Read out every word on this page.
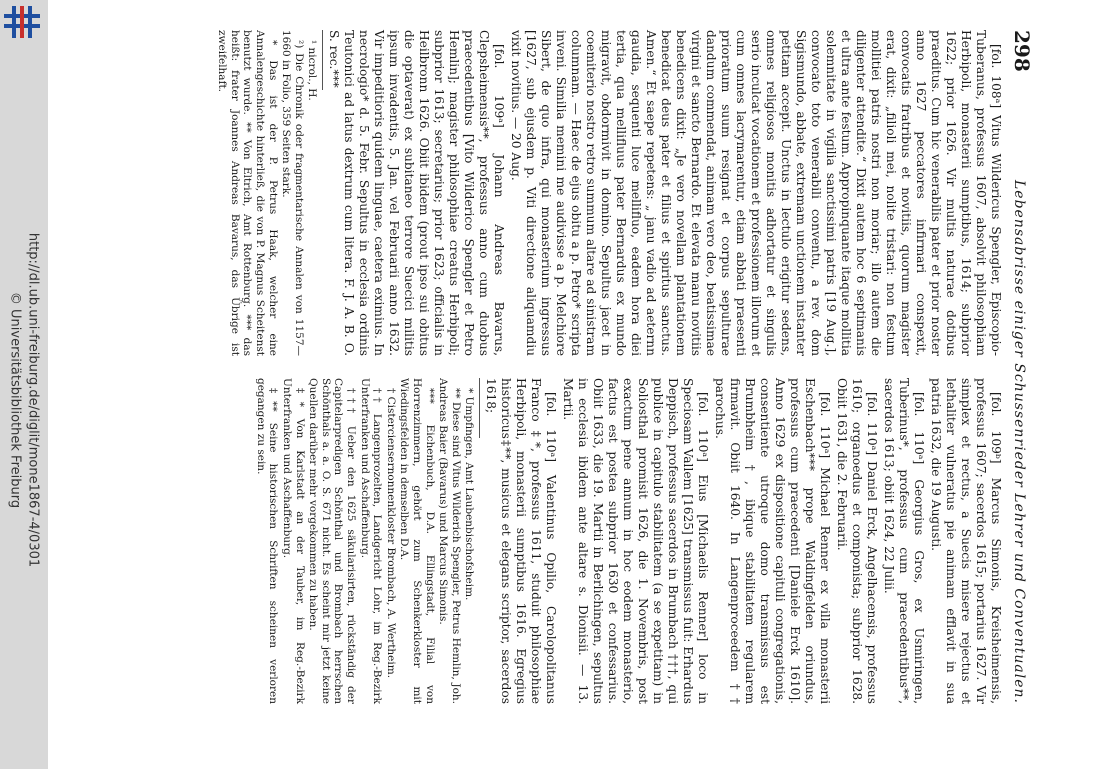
http://dl.ub.uni-freiburg.de/diglit/mone1867-4/0301
© Universitätsbibliothek Freiburg
298
Lebensabrisse einiger Schussenrieder Lehrer und Conventualen.

[fol. 108ᵃ] Vitus Wildericus Spengler, Episcopio-Tuberanus, professus 1607, absolvit philosophiam Herbipoli, monasterii sumptibus, 1614; subprior 1622; prior 1626. Vir multis naturae dotibus praeditus. Cum hic venerabilis pater et prior noster anno 1627 peccatores infirmari conspexit, convocatis fratribus et novitiis, quorum magister erat, dixit: „filioli mei, nolite tristari: non festum mollitiei patris nostri non moriar; illo autem die diligenter attendite.“ Dixit autem hoc 6 septimanis et ultra ante festum. Appropinquante itaque mollitia solemnitate in vigilia sanctissimi patris [19 Aug.], convocato toto venerabili conventu, a rev. dom Sigismundo, abbate, extremam unctionem instanter petitam accepit. Unctus in lectulo erigitur sedens, omnes religiosos monitis adhortatur et singulis serio inculcat vocationem et professionem illorum et cum omnes lacrymarentur, etiam abbati praesenti prioratum suum resignat et corpus sepulturae dandum commendat, animam vero deo, beatissimae virgini et sancto Bernardo. Et elevata manu novitiis benedicens dixit: „Je vero novellam plantationem benedicat deus pater et filius et spiritus sanctus. Amen.“ Et saepe repetens: „ janu vadio ad aeternn gaudia, sequenti luce mellifluo, eadem hora diei tertia, qua mellifluus pater Bernardus ex mundo migravit, obdormivit in domino. Sepultus jacet in coemiterio nostro retro summum altare ad sinistram columnam. — Haec de ejus obitu a p. Petro* scripta inveni. Similia memini me audivisse a p. Melchiore Sibert, de quo infra, qui monasterium ingressus [1627, sub ejusdem p. Viti directione aliquamdiu vixit novitius. — 20 Aug.

[fol. 109ᵃ] Johann Andreas Bavarus, Clepsheimensis**, professus anno cum duobus praecedentibus [Vito Wilderico Spengler et Petro Hemlin]; magister philosophiae creatus Herbipoli; subprior 1613; secretarius; prior 1623; officialis in Heilbronn 1626. Obiit ibidem (prout ipso sui obitus die optaverat) ex subitaneo terrore Suecici militis ipsum invadentis, 5. Jan. vel Februarii anno 1632. Vir impeditioris quidem linguae, caetera eximius. In necrologio* d. 5. Febr. Sepultus in ecclesia ordinis Teutonici ad latus dextrum cum litera. F. J. A. B. O. S. rec.***

¹ nicrol., H.

²) Die Chronik oder fragmentarische Annalen von 1157—1660 in Folio, 359 Seiten stark.

* Das ist der P. Petrus Haak, welcher eine Annalengeschichte hinterließ, die von P. Magnus Scheitenst benutzt wurde. ** Von Eltrich, Amt Rottenburg. *** das heißt: frater Joannes Andreas Bavarus, das Übrige ist zweifelhaft.

[fol. 109ᵇ] Marcus Simonis, Kreisheimensis, professus 1607; sacerdos 1615; portarius 1627. Vir simplex et rectus, a Suecis misere rejectus et lethaliter vulneratus pie animam efflavit in sua patria 1632, die 19 Augusti.

[fol. 110ᵃ] Georgius Gros, ex Usmiringen, Tuberinus*, professus cum praecedentibus**, sacerdos 1613; obiit 1624, 22 Julii.

[fol. 110ᵃ] Daniel Erck, Angelhacensis, professus 1610; organoedus et componista; subprior 1628. Obiit 1631, die 2. Februarii.

[fol. 110ᵃ] Michael Renner ex villa monasterii Eschenbach*** prope Waldingfelden oriundus, professus cum praecedenti [Daniele Erck 1610]. Anno 1629 ex dispositione capituli congregationis, consentiente utroque domo transmissus est Brumbheim †, ibique stabilitatem regularem firmavit. Obiit 1640. In Langenproceedem †† parochus.

[fol. 110ᵃ] Eius [Michaelis Renner] loco in Speciosam Vallem [1625] transmissus fuit: Erhardus Deppisch, professus sacerdos in Brumbach †††, qui publice in capitulo stabilitatem (a se expetitam) in Soliosthal promisit 1626, die 1. Novembris, post exactum pene annum in hoc eodem monasterio, factus est postea subprior 1630 et confessarius. Obiit 1633, die 19. Martii in Berlichingen, sepultus in ecclesia ibidem ante altare s. Dionisii. — 13. Martii.

[fol. 110ᵃ] Valentinus Opilio, Carolopolitanus Franco ‡*, professus 1611, studuit philosophiae Herbipoli, monasterii sumptibus 1616. Egregius historicus‡**, musicus et elegans scriptor, sacerdos 1618;

* Umpfingen, Amt Laubenbischofsheim.

** Diese sind Vitus Wilderich Spengler, Petrus Hemlin, Joh. Andreas Baier (Bavarus) und Marcus Simonis.

*** Eichenbuch, D.A. Ellingstadt, Filial von Horrenzimmern, gehört zum Schenkerkloster mit Wiedingsfelden in demselben D.A.

† Cisterciensernonnenkloster Brombach, A. Wertheim.

†† Langenprozelten, Landgericht Lohr, im Reg.-Bezirk Unterfranken und Aschaffenburg.

††† Ueber den 1625 säkularisirten, rückständig der Capitelarpredigen Schönthal und Brombach herrschen Schönthals a. a. O. S. 671 nicht. Es scheint mir jetzt keine Quellen darüber mehr vorgekommen zu haben.

‡* Von Karlstadt an der Tauber, im Reg.-Bezirk Unterfranken und Aschaffenburg.

‡** Seine historischen Schriften scheinen verloren gegangen zu sein.
